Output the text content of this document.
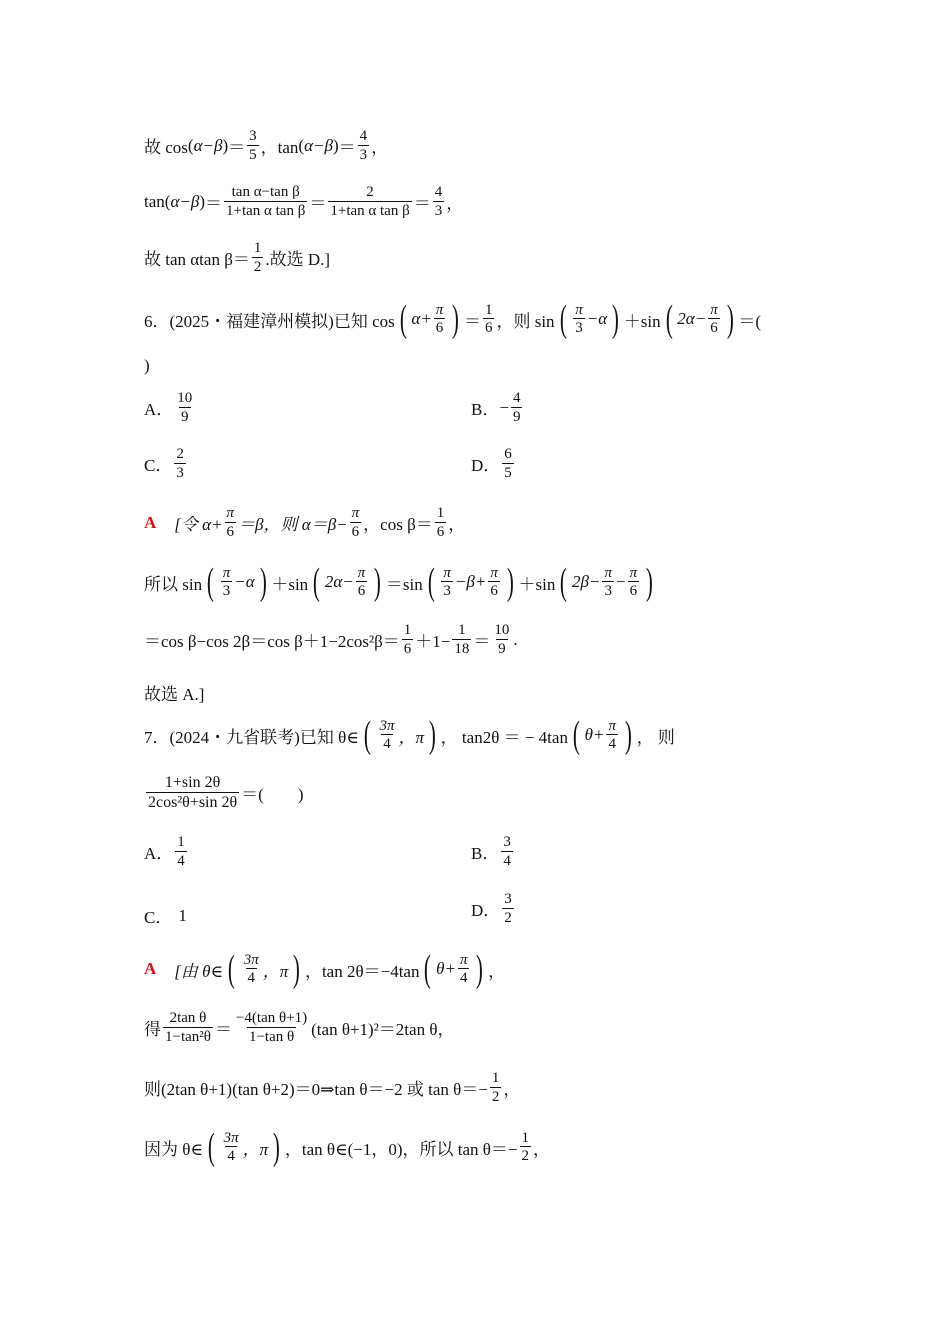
故 cos ( α−β ) ＝
3
5 ，tan ( α−β ) ＝
4
3 ，
tan ( α−β ) ＝
tan α−tan β
1+tan α tan β ＝
2
1+tan α tan β ＝
4
3 ，
故 tan αtan β＝
1
2 .故选 D.]
6．(2025・福建漳州模拟)已知 cos ( $\alpha+ \frac{\pi}{6}$ ) ＝
1
6 ，则 sin ( π
3 −α ) ＋sin ( $2\alpha- \frac{\pi}{6}$ ) ＝(
)
A．
10
9	B． − $\frac{4}{9}$
C．
2
3	D．
6
5
A [令 $\alpha+ \frac{\pi}{6} =\beta$，则 $\alpha=\beta- \frac{\pi}{6}$ ，cos β＝
1
6 ，
所以 sin ( π
3 −α ) ＋sin ( $2\alpha- \frac{\pi}{6}$ ) ＝sin ( π
$3 -\beta+ \frac{\pi}{6}$ ) ＋sin ( $2\beta- \frac{\pi}{3} - \frac{\pi}{6}$ )
＝cos β−cos 2β＝cos β＋1−2cos²β＝
1
$6 +1- \frac{1}{18}$ ＝
10
9 .
故选 A.]
7．(2024・九省联考)已知 θ∈ ( 3π
4 ，π ) ， tan2θ ＝ − 4tan ( $\theta+ \frac{\pi}{4}$ ) ， 则
1+sin 2θ
2cos²θ+sin 2θ ＝(　　)
A．
1
4	B．
3
4
C． 1	D．
3
2
A [由 θ∈ ( 3π
4 ，π ) ，tan 2θ＝−4tan ( $\theta+ \frac{\pi}{4}$ ) ，
得
2tan θ
1−tan²θ ＝
−4(tan θ+1)
1−tan θ (tan θ+1)²＝2tan θ，
则(2tan θ+1)(tan θ+2)＝0⇒tan θ＝−2 或 $\tan \theta=- \frac{1}{2}$ ，
因为 θ∈ ( 3π
4 ，π ) ，tan θ∈(−1，0)，所以 $\tan \theta=- \frac{1}{2}$ ，
